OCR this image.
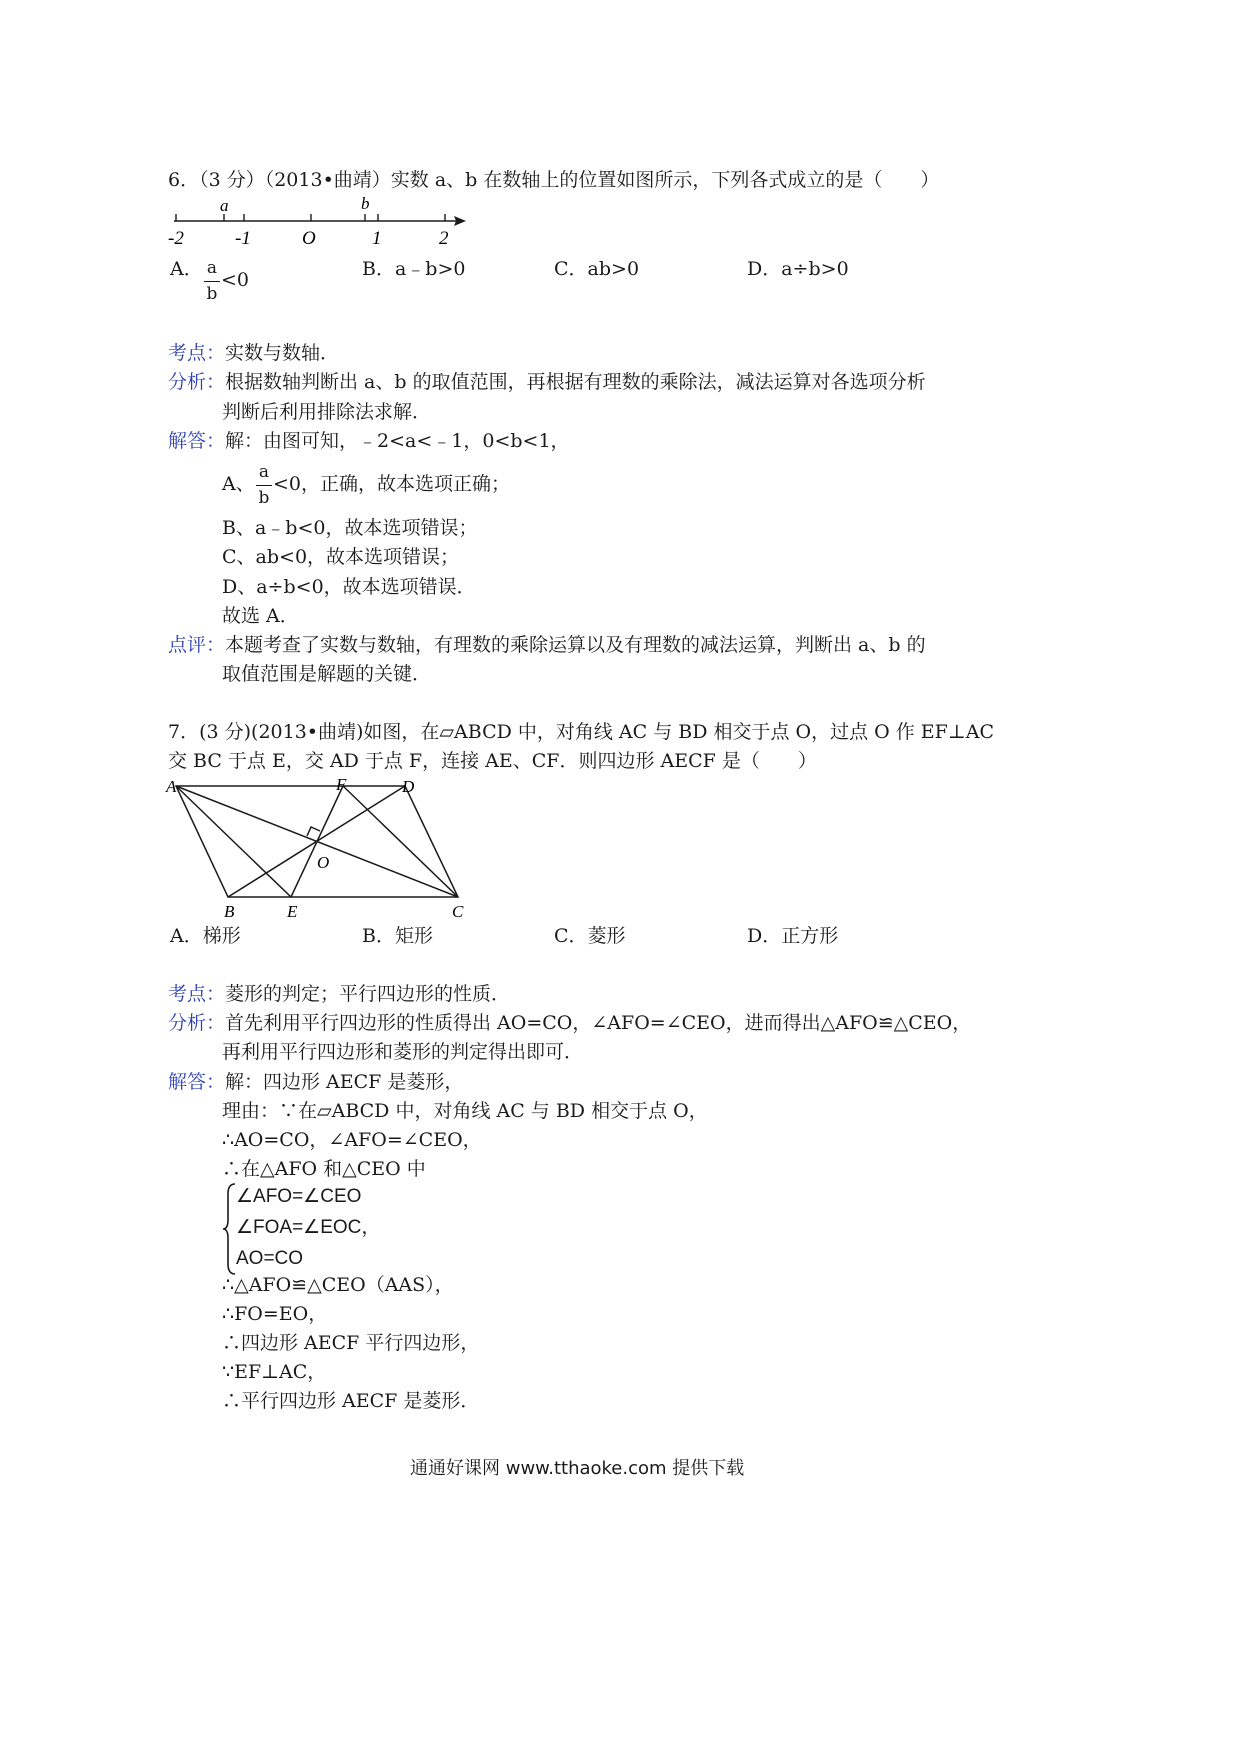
6．（3 分）（2013•曲靖）实数 a、b 在数轴上的位置如图所示，下列各式成立的是（　　）
a	b
-2	-1	O	1	2
A． a
b
<0	B．a﹣b>0	C．ab>0	D．a÷b>0
考点：实数与数轴．
分析：根据数轴判断出 a、b 的取值范围，再根据有理数的乘除法，减法运算对各选项分析
判断后利用排除法求解．
解答：解：由图可知，﹣2<a<﹣1，0<b<1，
A、
a
b
<0，正确，故本选项正确；
B、a﹣b<0，故本选项错误；
C、ab<0，故本选项错误；
D、a÷b<0，故本选项错误．
故选 A．
点评：本题考查了实数与数轴，有理数的乘除运算以及有理数的减法运算，判断出 a、b 的
取值范围是解题的关键．
7．(3 分)(2013•曲靖)如图，在▱ABCD 中，对角线 AC 与 BD 相交于点 O，过点 O 作 EF⊥AC
交 BC 于点 E，交 AD 于点 F，连接 AE、CF．则四边形 AECF 是（　　）
A	F	D
O
B	E	C
A．梯形	B．矩形	C．菱形	D．正方形
考点：菱形的判定；平行四边形的性质．
分析：首先利用平行四边形的性质得出 AO=CO，∠AFO=∠CEO，进而得出△AFO≌△CEO，
再利用平行四边形和菱形的判定得出即可．
解答：解：四边形 AECF 是菱形，
理由：∵在▱ABCD 中，对角线 AC 与 BD 相交于点 O，
∴AO=CO，∠AFO=∠CEO，
∴在△AFO 和△CEO 中
∠AFO=∠CEO
∠FOA=∠EOC，
AO=CO
∴△AFO≌△CEO（AAS），
∴FO=EO，
∴四边形 AECF 平行四边形，
∵EF⊥AC，
∴平行四边形 AECF 是菱形．
通通好课网 www.tthaoke.com 提供下载
